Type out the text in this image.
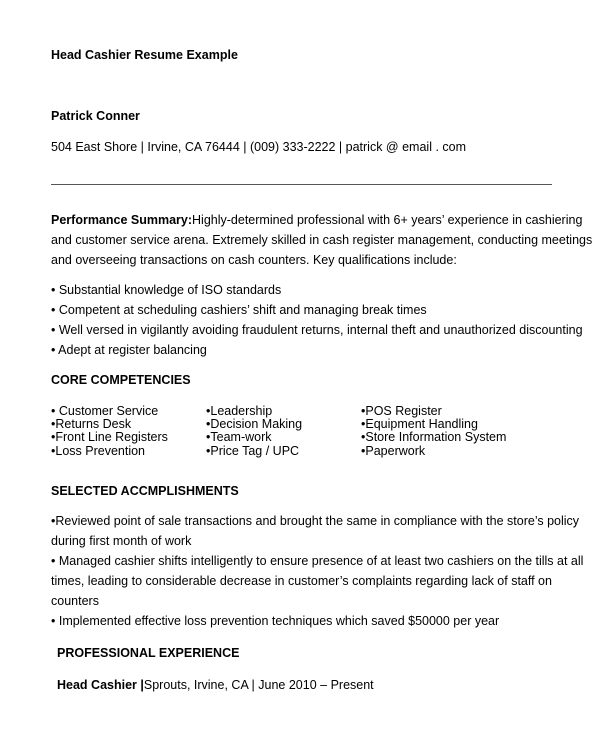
Head Cashier Resume Example
Patrick Conner
504 East Shore | Irvine, CA 76444 | (009) 333-2222 | patrick @ email . com
Performance Summary:Highly-determined professional with 6+ years’ experience in cashiering
and customer service arena. Extremely skilled in cash register management, conducting meetings
and overseeing transactions on cash counters. Key qualifications include:
• Substantial knowledge of ISO standards
• Competent at scheduling cashiers’ shift and managing break times
• Well versed in vigilantly avoiding fraudulent returns, internal theft and unauthorized discounting
• Adept at register balancing
CORE COMPETENCIES
• Customer Service
•Returns Desk
•Front Line Registers
•Loss Prevention
•Leadership
•Decision Making
•Team-work
•Price Tag / UPC
•POS Register
•Equipment Handling
•Store Information System
•Paperwork
SELECTED ACCMPLISHMENTS
•Reviewed point of sale transactions and brought the same in compliance with the store’s policy
during first month of work
• Managed cashier shifts intelligently to ensure presence of at least two cashiers on the tills at all
times, leading to considerable decrease in customer’s complaints regarding lack of staff on
counters
• Implemented effective loss prevention techniques which saved $50000 per year
PROFESSIONAL EXPERIENCE
Head Cashier |Sprouts, Irvine, CA | June 2010 – Present
